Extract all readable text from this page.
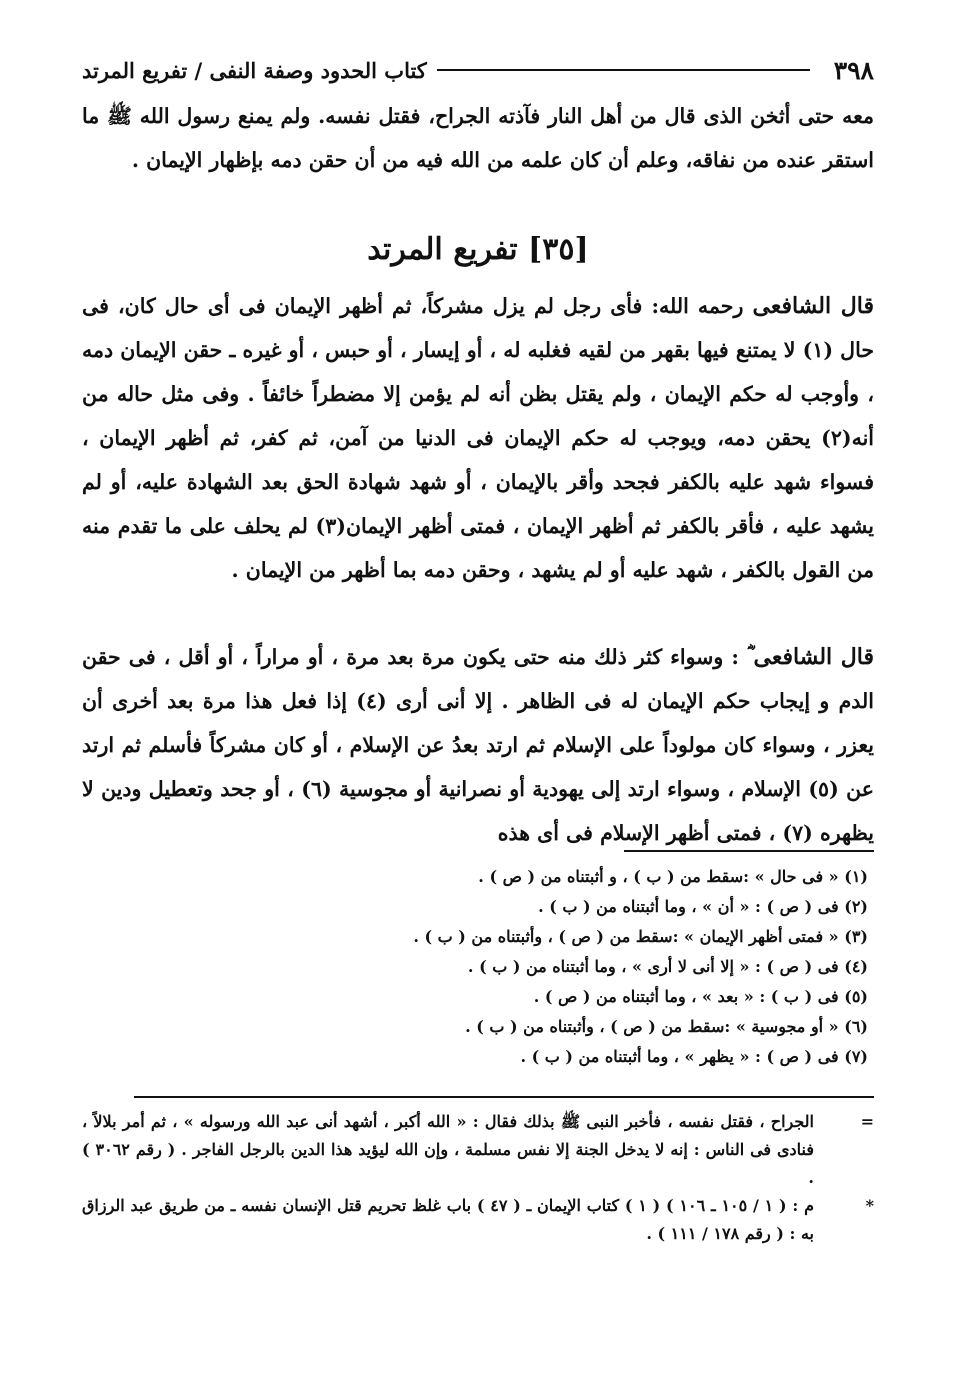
٣٩٨
كتاب الحدود وصفة النفى / تفريع المرتد

معه حتى أثخن الذى قال من أهل النار فآذته الجراح، فقتل نفسه. ولم يمنع رسول الله ﷺ ما استقر عنده من نفاقه، وعلم أن كان علمه من الله فيه من أن حقن دمه بإظهار الإيمان .

[٣٥] تفريع المرتد

قال الشافعى رحمه الله: فأى رجل لم يزل مشركاً، ثم أظهر الإيمان فى أى حال كان، فى حال (١) لا يمتنع فيها بقهر من لقيه فغلبه له ، أو إيسار ، أو حبس ، أو غيره ـ حقن الإيمان دمه ، وأوجب له حكم الإيمان ، ولم يقتل بظن أنه لم يؤمن إلا مضطراً خائفاً . وفى مثل حاله من أنه(٢) يحقن دمه، ويوجب له حكم الإيمان فى الدنيا من آمن، ثم كفر، ثم أظهر الإيمان ، فسواء شهد عليه بالكفر فجحد وأقر بالإيمان ، أو شهد شهادة الحق بعد الشهادة عليه، أو لم يشهد عليه ، فأقر بالكفر ثم أظهر الإيمان ، فمتى أظهر الإيمان(٣) لم يحلف على ما تقدم منه من القول بالكفر ، شهد عليه أو لم يشهد ، وحقن دمه بما أظهر من الإيمان .

قال الشافعى ؓ : وسواء كثر ذلك منه حتى يكون مرة بعد مرة ، أو مراراً ، أو أقل ، فى حقن الدم و إيجاب حكم الإيمان له فى الظاهر . إلا أنى أرى (٤) إذا فعل هذا مرة بعد أخرى أن يعزر ، وسواء كان مولوداً على الإسلام ثم ارتد بعدُ عن الإسلام ، أو كان مشركاً فأسلم ثم ارتد عن (٥) الإسلام ، وسواء ارتد إلى يهودية أو نصرانية أو مجوسية (٦) ، أو جحد وتعطيل ودين لا يظهره (٧) ، فمتى أظهر الإسلام فى أى هذه

(١) « فى حال » :سقط من ( ب ) ، و أثبتناه من ( ص ) .
(٢) فى ( ص ) : « أن » ، وما أثبتناه من ( ب ) .
(٣) « فمتى أظهر الإيمان » :سقط من ( ص ) ، وأثبتناه من ( ب ) .
(٤) فى ( ص ) : « إلا أنى لا أرى » ، وما أثبتناه من ( ب ) .
(٥) فى ( ب ) : « بعد » ، وما أثبتناه من ( ص ) .
(٦) « أو مجوسية » :سقط من ( ص ) ، وأثبتناه من ( ب ) .
(٧) فى ( ص ) : « يظهر » ، وما أثبتناه من ( ب ) .
=
الجراح ، فقتل نفسه ، فأخبر النبى ﷺ بذلك فقال : « الله أكبر ، أشهد أنى عبد الله ورسوله » ، ثم أمر بلالاً ، فنادى فى الناس : إنه لا يدخل الجنة إلا نفس مسلمة ، وإن الله ليؤيد هذا الدين بالرجل الفاجر . ( رقم ٣٠٦٢ ) .
*
م : ( ١ / ١٠٥ ـ ١٠٦ ) ( ١ ) كتاب الإيمان ـ ( ٤٧ ) باب غلظ تحريم قتل الإنسان نفسه ـ من طريق عبد الرزاق به : ( رقم ١٧٨ / ١١١ ) .
